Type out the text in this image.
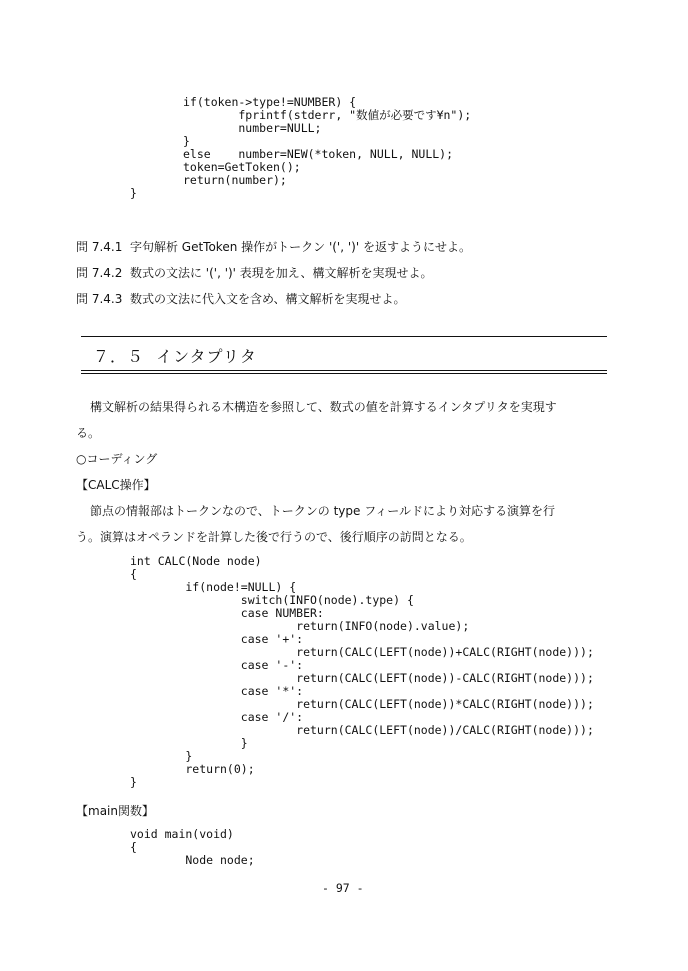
if(token->type!=NUMBER) {
fprintf(stderr, "数値が必要です¥n");
number=NULL;
}
else    number=NEW(*token, NULL, NULL);
token=GetToken();
return(number);
}
問 7.4.1  字句解析 GetToken 操作がトークン '(', ')' を返すようにせよ。
問 7.4.2  数式の文法に '(', ')' 表現を加え、構文解析を実現せよ。
問 7.4.3  数式の文法に代入文を含め、構文解析を実現せよ。
７．５  インタプリタ
構文解析の結果得られる木構造を参照して、数式の値を計算するインタプリタを実現す
る。
○コーディング
【CALC操作】
節点の情報部はトークンなので、トークンの type フィールドにより対応する演算を行
う。演算はオペランドを計算した後で行うので、後行順序の訪問となる。
int CALC(Node node)
{
if(node!=NULL) {
switch(INFO(node).type) {
case NUMBER:
return(INFO(node).value);
case '+':
return(CALC(LEFT(node))+CALC(RIGHT(node)));
case '-':
return(CALC(LEFT(node))-CALC(RIGHT(node)));
case '*':
return(CALC(LEFT(node))*CALC(RIGHT(node)));
case '/':
return(CALC(LEFT(node))/CALC(RIGHT(node)));
}
}
return(0);
}
【main関数】
void main(void)
{
Node node;
- 97 -
